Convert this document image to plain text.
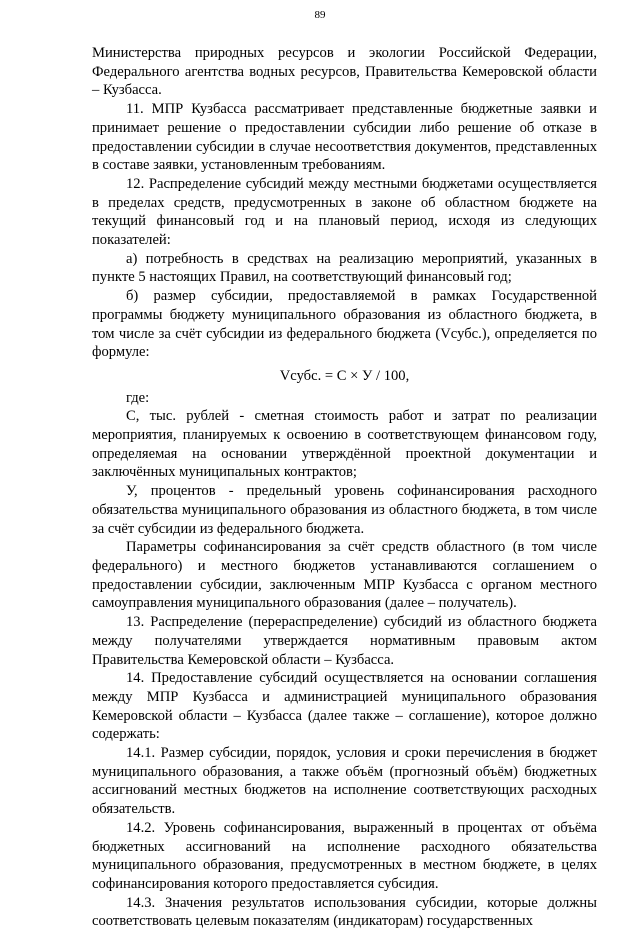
89

Министерства природных ресурсов и экологии Российской Федерации, Федерального агентства водных ресурсов, Правительства Кемеровской области – Кузбасса.

11. МПР Кузбасса рассматривает представленные бюджетные заявки и принимает решение о предоставлении субсидии либо решение об отказе в предоставлении субсидии в случае несоответствия документов, представленных в составе заявки, установленным требованиям.

12. Распределение субсидий между местными бюджетами осуществляется в пределах средств, предусмотренных в законе об областном бюджете на текущий финансовый год и на плановый период, исходя из следующих показателей:

а) потребность в средствах на реализацию мероприятий, указанных в пункте 5 настоящих Правил, на соответствующий финансовый год;

б) размер субсидии, предоставляемой в рамках Государственной программы бюджету муниципального образования из областного бюджета, в том числе за счёт субсидии из федерального бюджета (Vсубс.), определяется по формуле:

Vсубс. = С × У / 100,

где:

С, тыс. рублей - сметная стоимость работ и затрат по реализации мероприятия, планируемых к освоению в соответствующем финансовом году, определяемая на основании утверждённой проектной документации и заключённых муниципальных контрактов;

У, процентов - предельный уровень софинансирования расходного обязательства муниципального образования из областного бюджета, в том числе за счёт субсидии из федерального бюджета.

Параметры софинансирования за счёт средств областного (в том числе федерального) и местного бюджетов устанавливаются соглашением о предоставлении субсидии, заключенным МПР Кузбасса с органом местного самоуправления муниципального образования (далее – получатель).

13. Распределение (перераспределение) субсидий из областного бюджета между получателями утверждается нормативным правовым актом Правительства Кемеровской области – Кузбасса.

14. Предоставление субсидий осуществляется на основании соглашения между МПР Кузбасса и администрацией муниципального образования Кемеровской области – Кузбасса (далее также – соглашение), которое должно содержать:

14.1. Размер субсидии, порядок, условия и сроки перечисления в бюджет муниципального образования, а также объём (прогнозный объём) бюджетных ассигнований местных бюджетов на исполнение соответствующих расходных обязательств.

14.2. Уровень софинансирования, выраженный в процентах от объёма бюджетных ассигнований на исполнение расходного обязательства муниципального образования, предусмотренных в местном бюджете, в целях софинансирования которого предоставляется субсидия.

14.3. Значения результатов использования субсидии, которые должны соответствовать целевым показателям (индикаторам) государственных
